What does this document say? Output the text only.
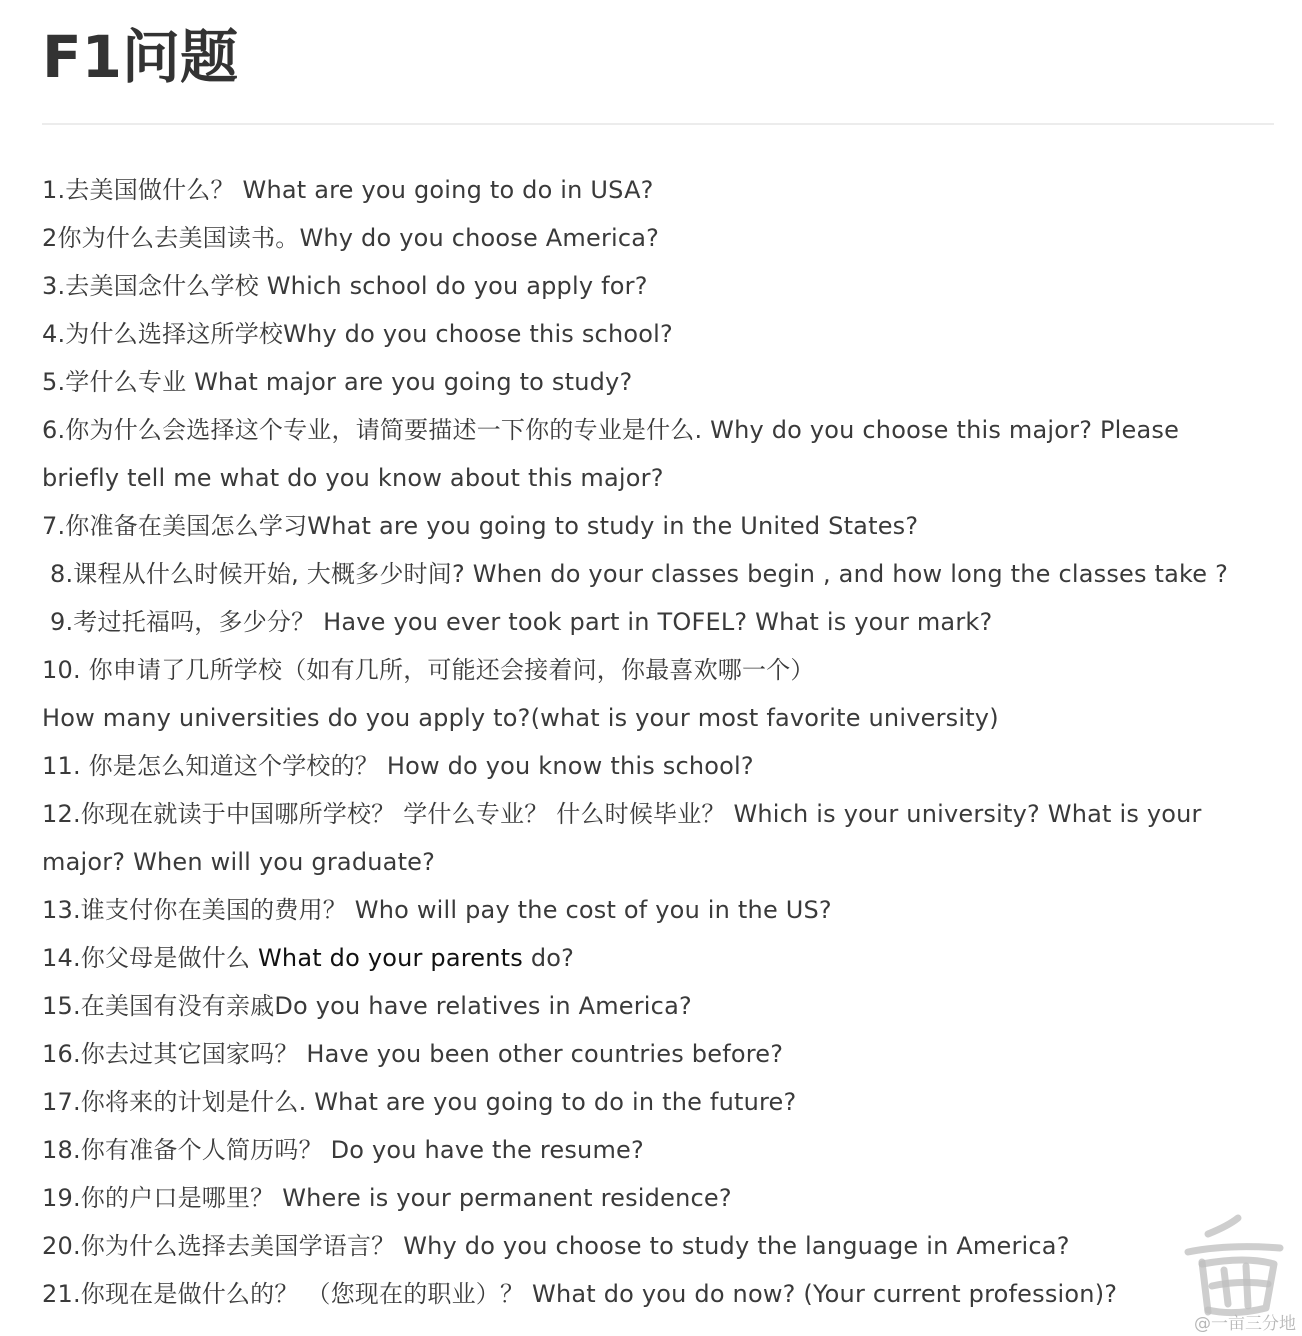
F1问题
1.去美国做什么？ What are you going to do in USA?
2你为什么去美国读书。Why do you choose America?
3.去美国念什么学校 Which school do you apply for?
4.为什么选择这所学校Why do you choose this school?
5.学什么专业 What major are you going to study?
6.你为什么会选择这个专业，请简要描述一下你的专业是什么. Why do you choose this major? Please
briefly tell me what do you know about this major?
7.你准备在美国怎么学习What are you going to study in the United States?
8.课程从什么时候开始, 大概多少时间? When do your classes begin , and how long the classes take ?
9.考过托福吗，多少分？ Have you ever took part in TOFEL? What is your mark?
10. 你申请了几所学校（如有几所，可能还会接着问，你最喜欢哪一个）
How many universities do you apply to?(what is your most favorite university)
11. 你是怎么知道这个学校的？ How do you know this school?
12.你现在就读于中国哪所学校？ 学什么专业？ 什么时候毕业？ Which is your university? What is your
major? When will you graduate?
13.谁支付你在美国的费用？ Who will pay the cost of you in the US?
14.你父母是做什么 What do your parents do?
15.在美国有没有亲戚Do you have relatives in America?
16.你去过其它国家吗？ Have you been other countries before?
17.你将来的计划是什么. What are you going to do in the future?
18.你有准备个人简历吗？ Do you have the resume?
19.你的户口是哪里？ Where is your permanent residence?
20.你为什么选择去美国学语言？ Why do you choose to study the language in America?
21.你现在是做什么的？ （您现在的职业）？ What do you do now? (Your current profession)?
@一亩三分地
